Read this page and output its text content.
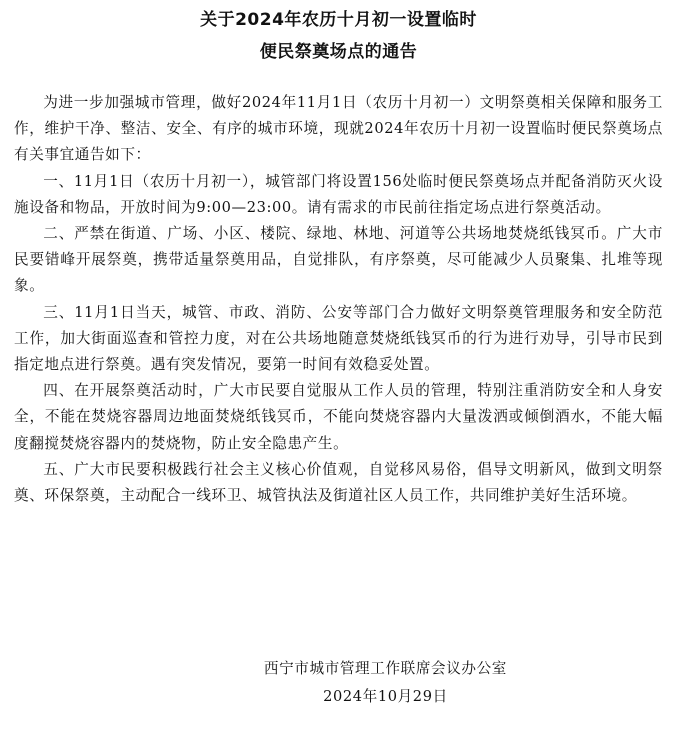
关于2024年农历十月初一设置临时
便民祭奠场点的通告

为进一步加强城市管理，做好2024年11月1日（农历十月初一）文明祭奠相关保障和服务工作，维护干净、整洁、安全、有序的城市环境，现就2024年农历十月初一设置临时便民祭奠场点有关事宜通告如下：

一、11月1日（农历十月初一），城管部门将设置156处临时便民祭奠场点并配备消防灭火设施设备和物品，开放时间为9:00—23:00。请有需求的市民前往指定场点进行祭奠活动。

二、严禁在街道、广场、小区、楼院、绿地、林地、河道等公共场地焚烧纸钱冥币。广大市民要错峰开展祭奠，携带适量祭奠用品，自觉排队，有序祭奠，尽可能减少人员聚集、扎堆等现象。

三、11月1日当天，城管、市政、消防、公安等部门合力做好文明祭奠管理服务和安全防范工作，加大街面巡查和管控力度，对在公共场地随意焚烧纸钱冥币的行为进行劝导，引导市民到指定地点进行祭奠。遇有突发情况，要第一时间有效稳妥处置。

四、在开展祭奠活动时，广大市民要自觉服从工作人员的管理，特别注重消防安全和人身安全，不能在焚烧容器周边地面焚烧纸钱冥币，不能向焚烧容器内大量泼洒或倾倒酒水，不能大幅度翻搅焚烧容器内的焚烧物，防止安全隐患产生。

五、广大市民要积极践行社会主义核心价值观，自觉移风易俗，倡导文明新风，做到文明祭奠、环保祭奠，主动配合一线环卫、城管执法及街道社区人员工作，共同维护美好生活环境。

西宁市城市管理工作联席会议办公室
2024年10月29日
